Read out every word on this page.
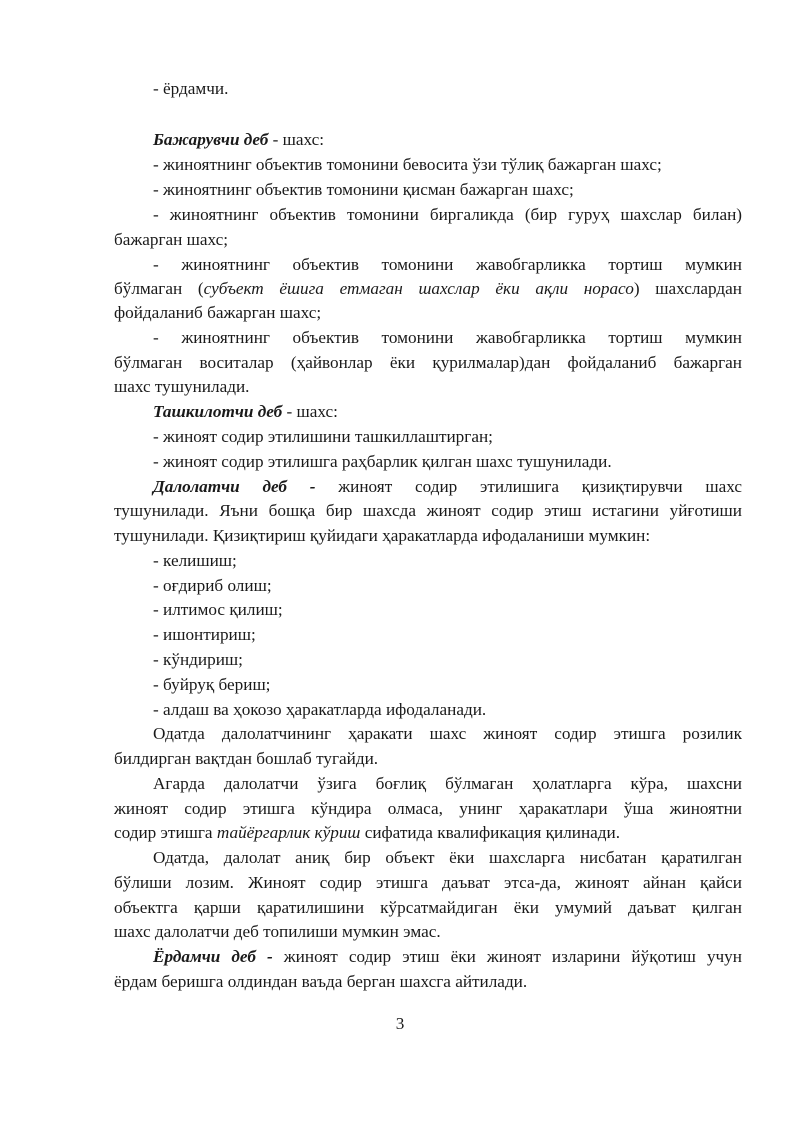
- ёрдамчи.
Бажарувчи деб - шахс:
- жиноятнинг объектив томонини бевосита ўзи тўлиқ бажарган шахс;
- жиноятнинг объектив томонини қисман бажарган шахс;
- жиноятнинг объектив томонини биргаликда (бир гуруҳ шахслар билан)
бажарган шахс;
- жиноятнинг объектив томонини жавобгарликка тортиш мумкин
бўлмаган (субъект ёшига етмаган шахслар ёки ақли норасо) шахслардан
фойдаланиб бажарган шахс;
- жиноятнинг объектив томонини жавобгарликка тортиш мумкин
бўлмаган воситалар (ҳайвонлар ёки қурилмалар)дан фойдаланиб бажарган
шахс тушунилади.
Ташкилотчи деб - шахс:
- жиноят содир этилишини ташкиллаштирган;
- жиноят содир этилишга раҳбарлик қилган шахс тушунилади.
Далолатчи деб - жиноят содир этилишига қизиқтирувчи шахс
тушунилади. Яъни бошқа бир шахсда жиноят содир этиш истагини уйғотиши
тушунилади. Қизиқтириш қуйидаги ҳаракатларда ифодаланиши мумкин:
- келишиш;
- оғдириб олиш;
- илтимос қилиш;
- ишонтириш;
- кўндириш;
- буйруқ бериш;
- алдаш ва ҳокозо ҳаракатларда ифодаланади.
Одатда далолатчининг ҳаракати шахс жиноят содир этишга розилик
билдирган вақтдан бошлаб тугайди.
Агарда далолатчи ўзига боғлиқ бўлмаган ҳолатларга кўра, шахсни
жиноят содир этишга кўндира олмаса, унинг ҳаракатлари ўша жиноятни
содир этишга тайёргарлик кўриш сифатида квалификация қилинади.
Одатда, далолат аниқ бир объект ёки шахсларга нисбатан қаратилган
бўлиши лозим. Жиноят содир этишга даъват этса-да, жиноят айнан қайси
объектга қарши қаратилишини кўрсатмайдиган ёки умумий даъват қилган
шахс далолатчи деб топилиши мумкин эмас.
Ёрдамчи деб - жиноят содир этиш ёки жиноят изларини йўқотиш учун
ёрдам беришга олдиндан ваъда берган шахсга айтилади.
3
